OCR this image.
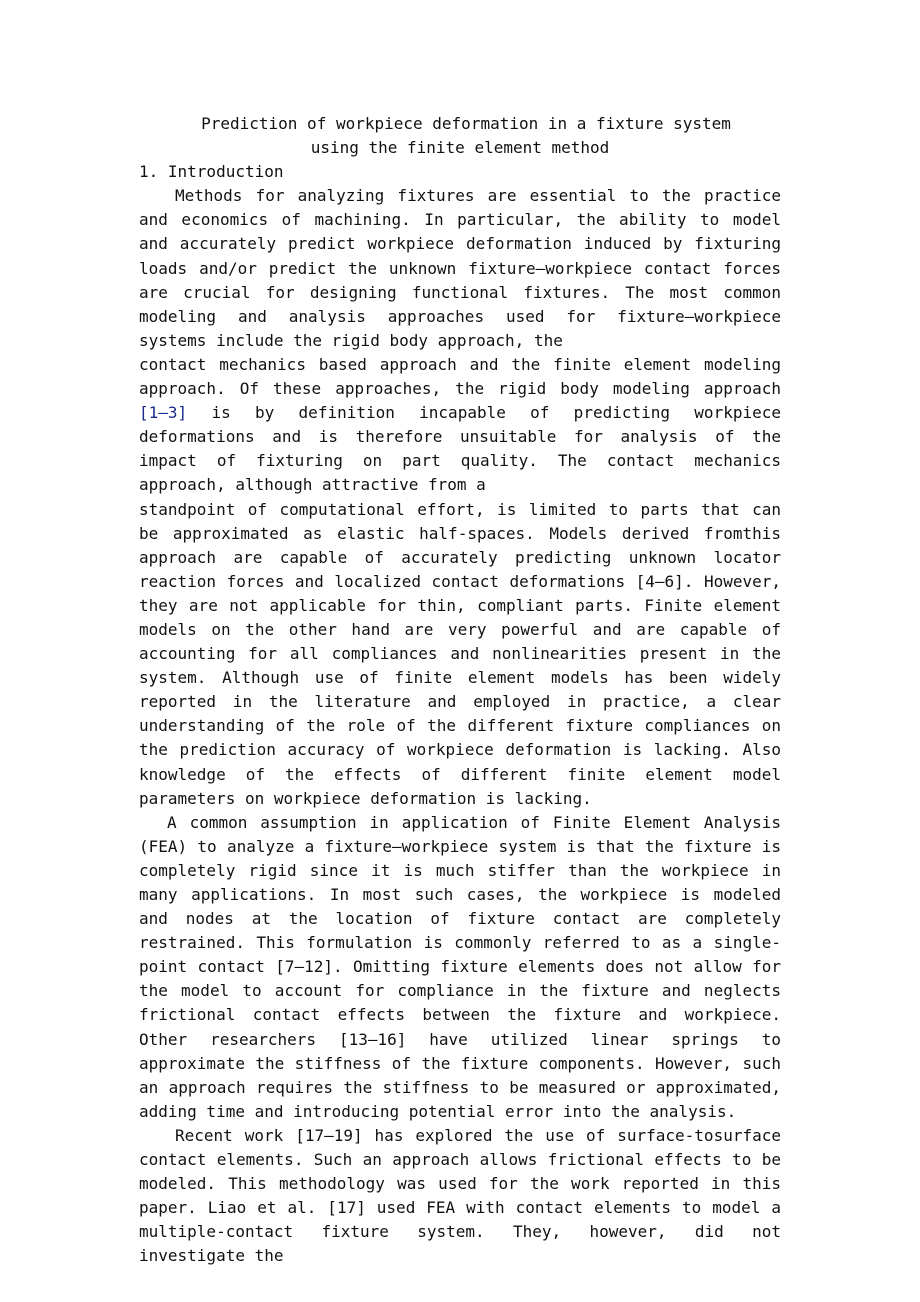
Prediction of workpiece deformation in a fixture system
using the finite element method
1. Introduction

Methods for analyzing fixtures are essential to the practice and economics of machining. In particular, the ability to model and accurately predict workpiece deformation induced by fixturing loads and/or predict the unknown fixture–workpiece contact forces are crucial for designing functional fixtures. The most common modeling and analysis approaches used for fixture–workpiece systems include the rigid body approach, the

contact mechanics based approach and the finite element modeling approach. Of these approaches, the rigid body modeling approach [1–3] is by definition incapable of predicting workpiece deformations and is therefore unsuitable for analysis of the impact of fixturing on part quality. The contact mechanics approach, although attractive from a

standpoint of computational effort, is limited to parts that can be approximated as elastic half-spaces. Models derived fromthis approach are capable of accurately predicting unknown locator reaction forces and localized contact deformations [4–6]. However, they are not applicable for thin, compliant parts. Finite element models on the other hand are very powerful and are capable of accounting for all compliances and nonlinearities present in the system. Although use of finite element models has been widely reported in the literature and employed in practice, a clear understanding of the role of the different fixture compliances on the prediction accuracy of workpiece deformation is lacking. Also knowledge of the effects of different finite element model parameters on workpiece deformation is lacking.

A common assumption in application of Finite Element Analysis (FEA) to analyze a fixture–workpiece system is that the fixture is completely rigid since it is much stiffer than the workpiece in many applications. In most such cases, the workpiece is modeled and nodes at the location of fixture contact are completely restrained. This formulation is commonly referred to as a single-point contact [7–12]. Omitting fixture elements does not allow for the model to account for compliance in the fixture and neglects frictional contact effects between the fixture and workpiece. Other researchers [13–16] have utilized linear springs to approximate the stiffness of the fixture components. However, such an approach requires the stiffness to be measured or approximated, adding time and introducing potential error into the analysis.

Recent work [17–19] has explored the use of surface-tosurface contact elements. Such an approach allows frictional effects to be modeled. This methodology was used for the work reported in this paper. Liao et al. [17] used FEA with contact elements to model a multiple-contact fixture system. They, however, did not investigate the
